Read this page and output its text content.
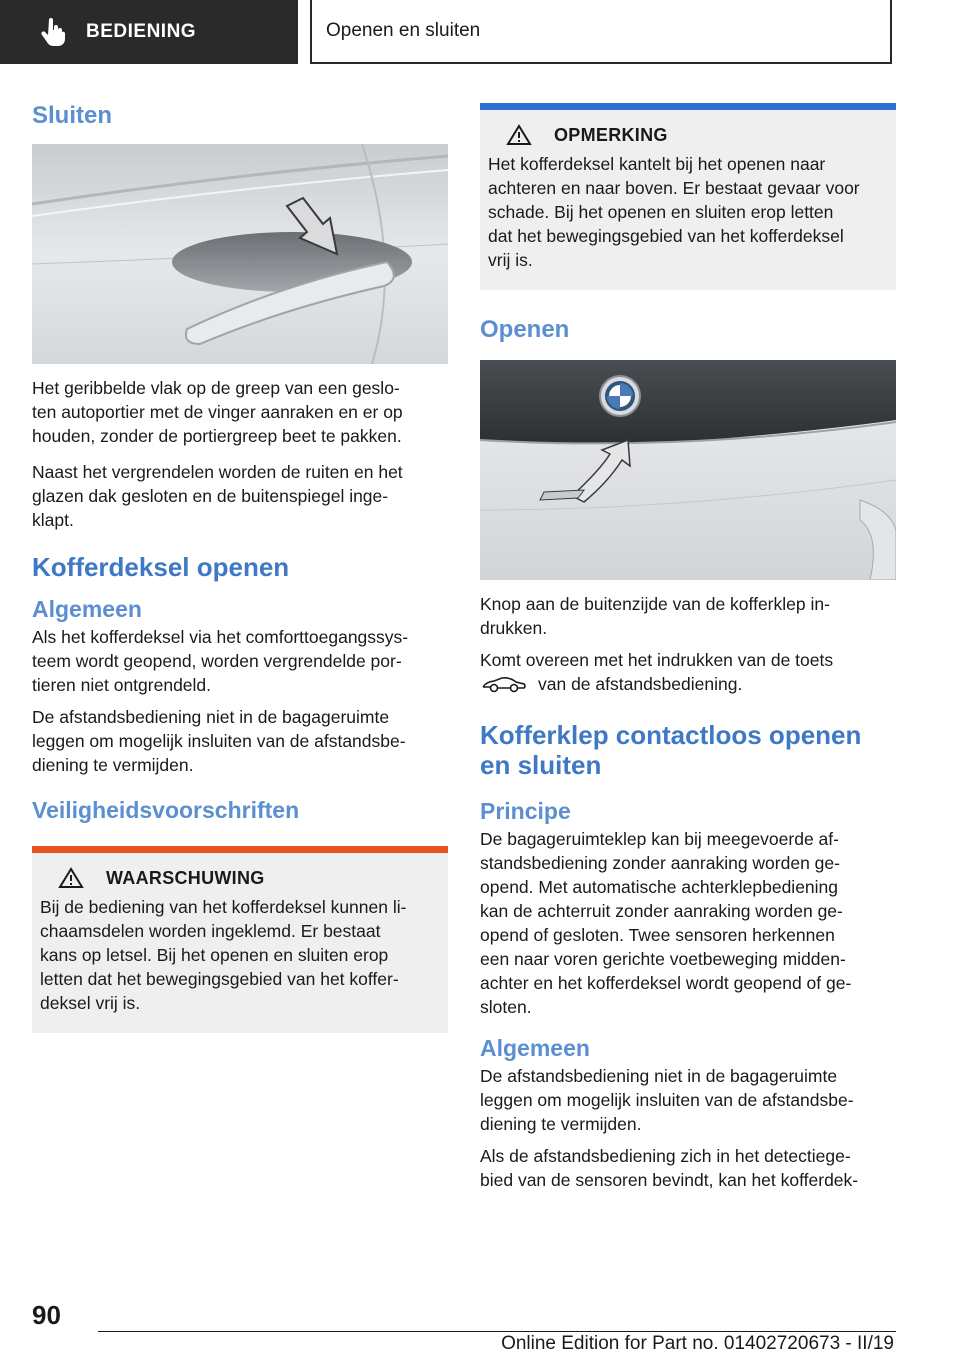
BEDIENING	Openen en sluiten
Sluiten

Het geribbelde vlak op de greep van een geslo-

ten autoportier met de vinger aanraken en er op

houden, zonder de portiergreep beet te pakken.

Naast het vergrendelen worden de ruiten en het

glazen dak gesloten en de buitenspiegel inge-

klapt.

Kofferdeksel openen
Algemeen

Als het kofferdeksel via het comforttoegangssys-

teem wordt geopend, worden vergrendelde por-

tieren niet ontgrendeld.

De afstandsbediening niet in de bagageruimte

leggen om mogelijk insluiten van de afstandsbe-

diening te vermijden.

Veiligheidsvoorschriften
WAARSCHUWING

Bij de bediening van het kofferdeksel kunnen li-

chaamsdelen worden ingeklemd. Er bestaat

kans op letsel. Bij het openen en sluiten erop

letten dat het bewegingsgebied van het koffer-

deksel vrij is.

OPMERKING

Het kofferdeksel kantelt bij het openen naar

achteren en naar boven. Er bestaat gevaar voor

schade. Bij het openen en sluiten erop letten

dat het bewegingsgebied van het kofferdeksel

vrij is.

Openen

Knop aan de buitenzijde van de kofferklep in-

drukken.

Komt overeen met het indrukken van de toets

van de afstandsbediening.

Kofferklep contactloos openen
en sluiten
Principe

De bagageruimteklep kan bij meegevoerde af-

standsbediening zonder aanraking worden ge-

opend. Met automatische achterklepbediening

kan de achterruit zonder aanraking worden ge-

opend of gesloten. Twee sensoren herkennen

een naar voren gerichte voetbeweging midden-

achter en het kofferdeksel wordt geopend of ge-

sloten.

Algemeen

De afstandsbediening niet in de bagageruimte

leggen om mogelijk insluiten van de afstandsbe-

diening te vermijden.

Als de afstandsbediening zich in het detectiege-

bied van de sensoren bevindt, kan het kofferdek-

90
Online Edition for Part no. 01402720673 - II/19
